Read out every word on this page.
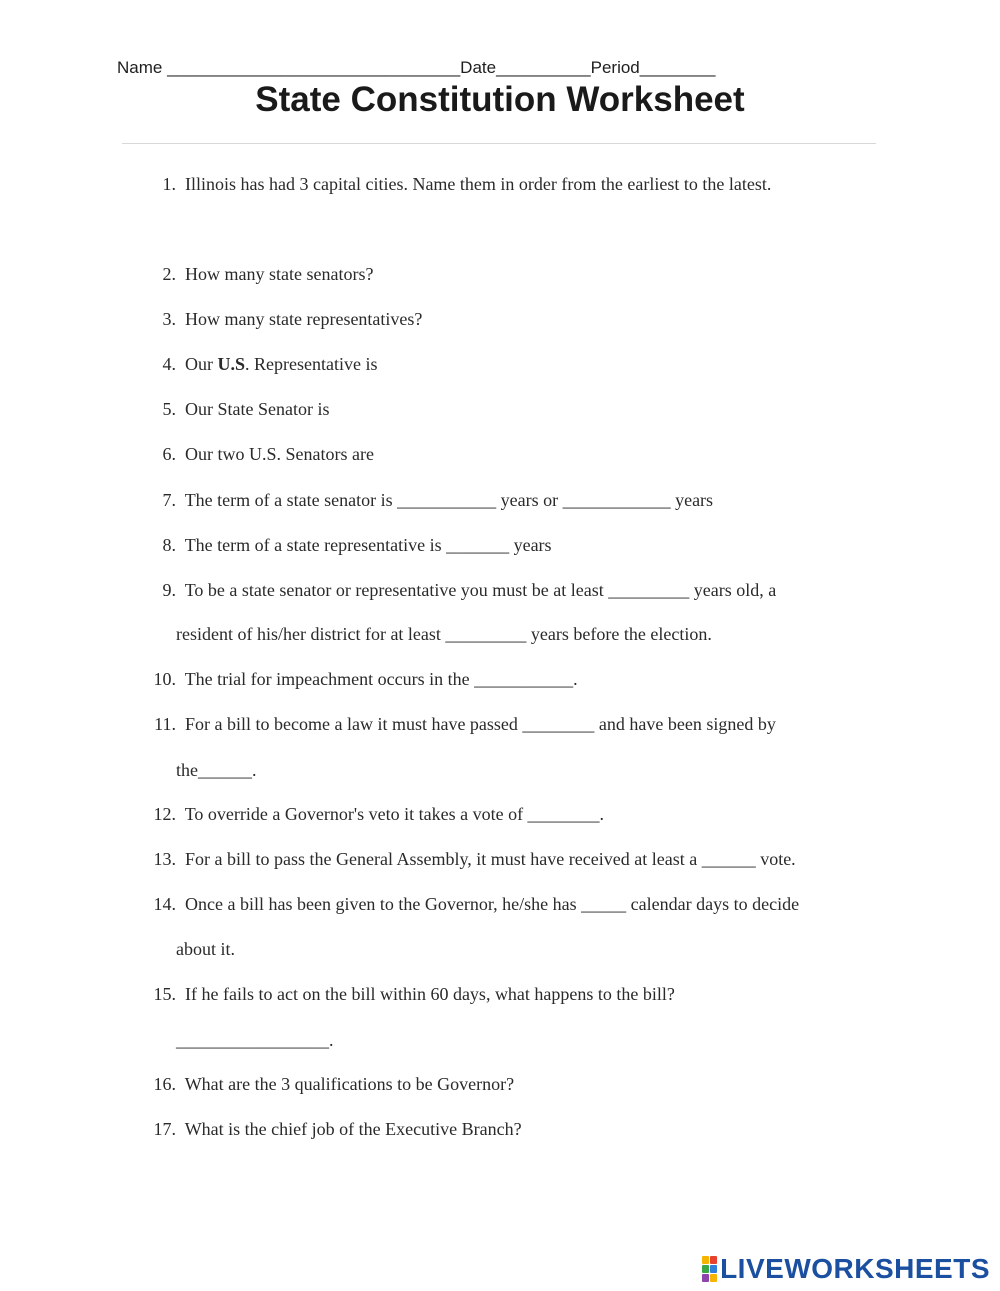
Name _______________________________Date__________Period________
State Constitution Worksheet
1. Illinois has had 3 capital cities. Name them in order from the earliest to the latest.
2. How many state senators?
3. How many state representatives?
4. Our U.S. Representative is
5. Our State Senator is
6. Our two U.S. Senators are
7. The term of a state senator is ___________ years or ____________ years
8. The term of a state representative is _______ years
9. To be a state senator or representative you must be at least _________ years old, a
resident of his/her district for at least _________ years before the election.
10. The trial for impeachment occurs in the ___________.
11. For a bill to become a law it must have passed ________ and have been signed by
the______.
12. To override a Governor's veto it takes a vote of ________.
13. For a bill to pass the General Assembly, it must have received at least a ______ vote.
14. Once a bill has been given to the Governor, he/she has _____ calendar days to decide
about it.
15. If he fails to act on the bill within 60 days, what happens to the bill?
_________________.
16. What are the 3 qualifications to be Governor?
17. What is the chief job of the Executive Branch?
LIVEWORKSHEETS
